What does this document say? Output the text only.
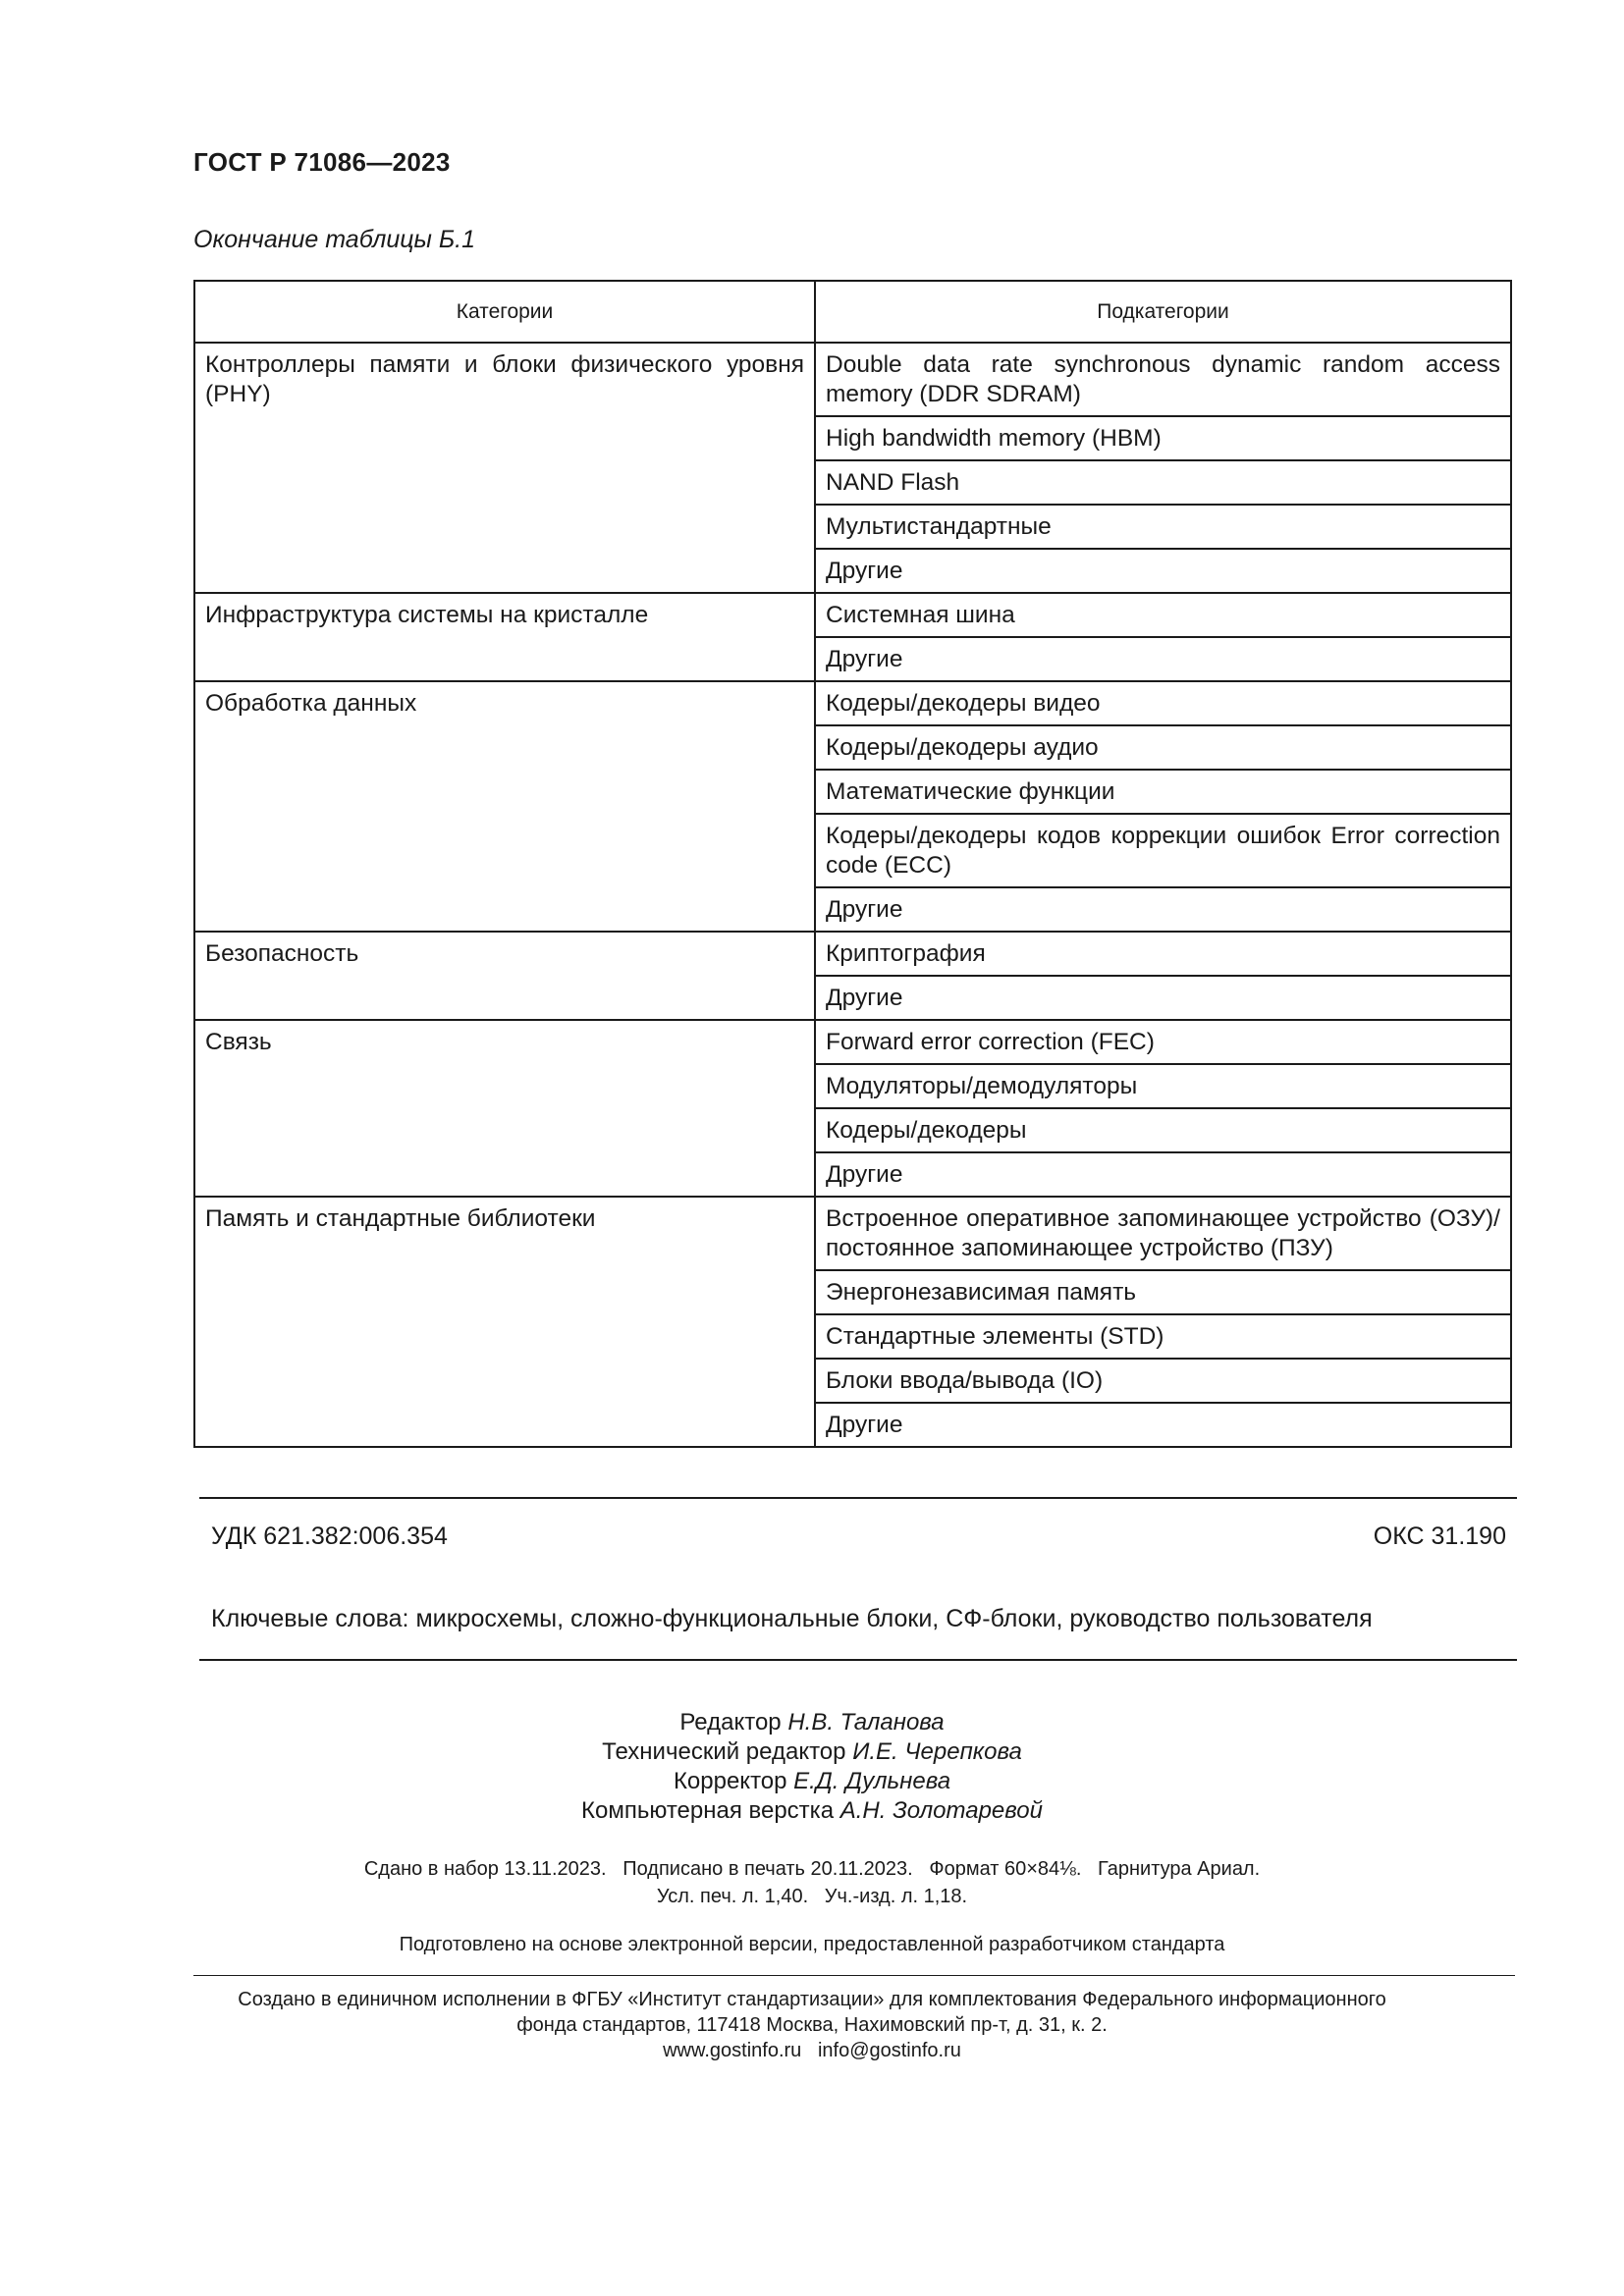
ГОСТ Р 71086—2023
Окончание таблицы Б.1
Категории	Подкатегории
Контроллеры памяти и блоки физического уровня (PHY)	Double data rate synchronous dynamic random access memory (DDR SDRAM)
	High bandwidth memory (HBM)
	NAND Flash
	Мультистандартные
	Другие
Инфраструктура системы на кристалле	Системная шина
	Другие
Обработка данных	Кодеры/декодеры видео
	Кодеры/декодеры аудио
	Математические функции
	Кодеры/декодеры кодов коррекции ошибок Error correction code (ECC)
	Другие
Безопасность	Криптография
	Другие
Связь	Forward error correction (FEC)
	Модуляторы/демодуляторы
	Кодеры/декодеры
	Другие
Память и стандартные библиотеки	Встроенное оперативное запоминающее устройство (ОЗУ)/постоянное запоминающее устройство (ПЗУ)
	Энергонезависимая память
	Стандартные элементы (STD)
	Блоки ввода/вывода (IO)
	Другие
УДК 621.382:006.354	ОКС 31.190
Ключевые слова: микросхемы, сложно-функциональные блоки, СФ-блоки, руководство пользователя
Редактор Н.В. Таланова
Технический редактор И.Е. Черепкова
Корректор Е.Д. Дульнева
Компьютерная верстка А.Н. Золотаревой
Сдано в набор 13.11.2023.   Подписано в печать 20.11.2023.   Формат 60×84⅛.   Гарнитура Ариал.
Усл. печ. л. 1,40.   Уч.-изд. л. 1,18.
Подготовлено на основе электронной версии, предоставленной разработчиком стандарта
Создано в единичном исполнении в ФГБУ «Институт стандартизации» для комплектования Федерального информационного
фонда стандартов, 117418 Москва, Нахимовский пр-т, д. 31, к. 2.
www.gostinfo.ru   info@gostinfo.ru
